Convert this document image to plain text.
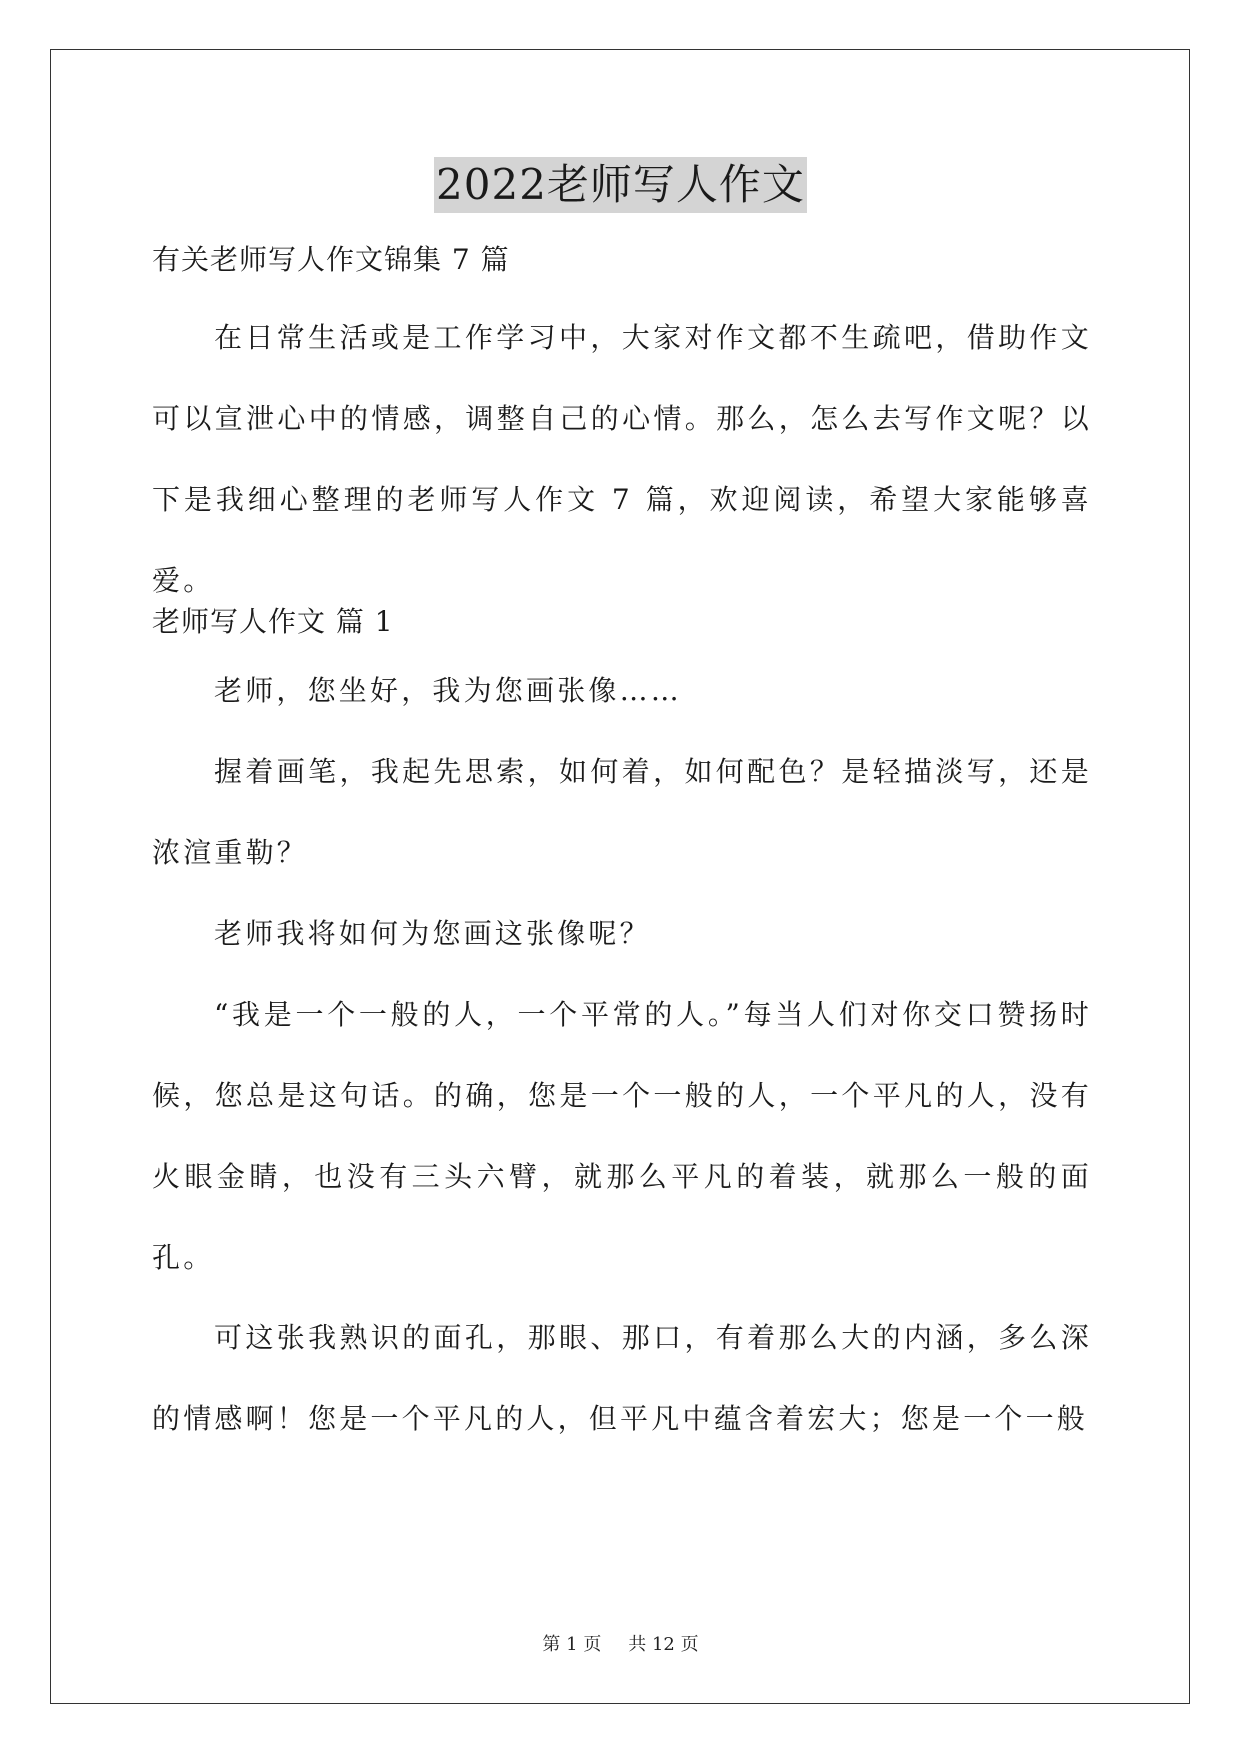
2022老师写人作文
有关老师写人作文锦集 7 篇

在日常生活或是工作学习中，大家对作文都不生疏吧，借助作文可以宣泄心中的情感，调整自己的心情。那么，怎么去写作文呢？以下是我细心整理的老师写人作文 7 篇，欢迎阅读，希望大家能够喜爱。

老师写人作文 篇 1

老师，您坐好，我为您画张像……

握着画笔，我起先思索，如何着，如何配色？是轻描淡写，还是浓渲重勒？

老师我将如何为您画这张像呢？

“我是一个一般的人，一个平常的人。”每当人们对你交口赞扬时候，您总是这句话。的确，您是一个一般的人，一个平凡的人，没有火眼金睛，也没有三头六臂，就那么平凡的着装，就那么一般的面孔。

可这张我熟识的面孔，那眼、那口，有着那么大的内涵，多么深的情感啊！您是一个平凡的人，但平凡中蕴含着宏大；您是一个一般

第 1 页 共 12 页
